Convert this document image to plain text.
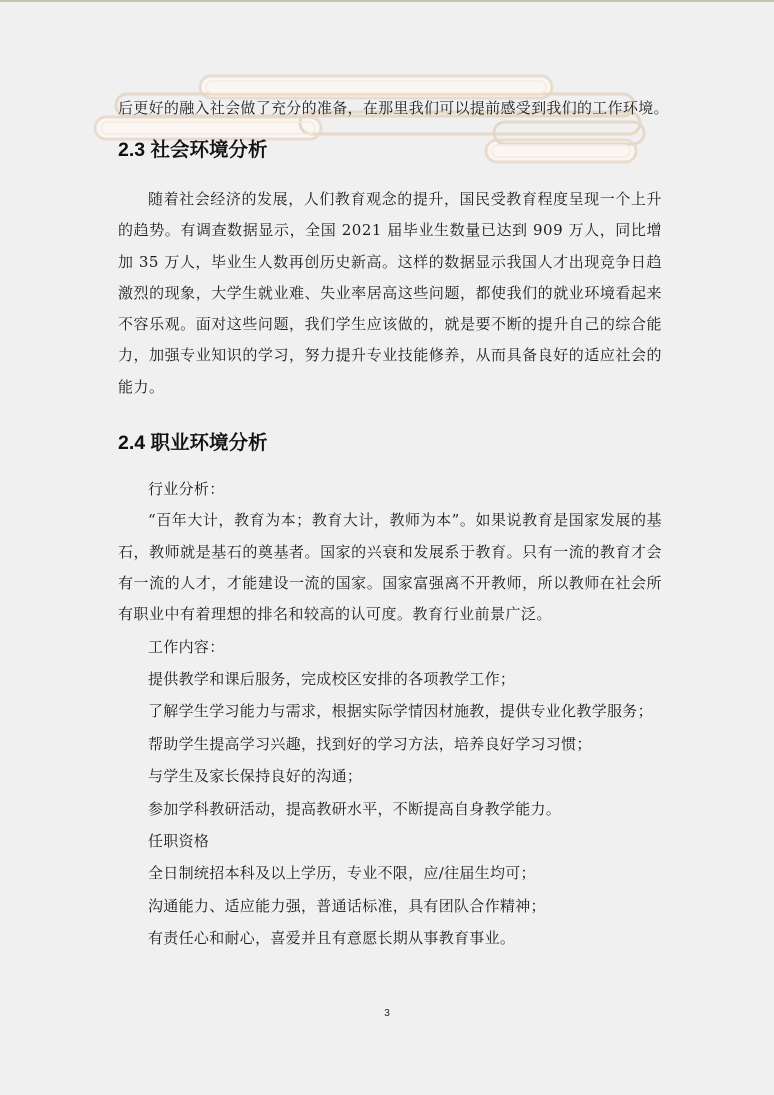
后更好的融入社会做了充分的准备，在那里我们可以提前感受到我们的工作环境。

2.3 社会环境分析

随着社会经济的发展，人们教育观念的提升，国民受教育程度呈现一个上升的趋势。有调查数据显示，全国 2021 届毕业生数量已达到 909 万人，同比增加 35 万人，毕业生人数再创历史新高。这样的数据显示我国人才出现竞争日趋激烈的现象，大学生就业难、失业率居高这些问题，都使我们的就业环境看起来不容乐观。面对这些问题，我们学生应该做的，就是要不断的提升自己的综合能力，加强专业知识的学习，努力提升专业技能修养，从而具备良好的适应社会的能力。

2.4 职业环境分析

行业分析：

“百年大计，教育为本；教育大计，教师为本”。如果说教育是国家发展的基石，教师就是基石的奠基者。国家的兴衰和发展系于教育。只有一流的教育才会有一流的人才，才能建设一流的国家。国家富强离不开教师，所以教师在社会所有职业中有着理想的排名和较高的认可度。教育行业前景广泛。

工作内容：

提供教学和课后服务，完成校区安排的各项教学工作；

了解学生学习能力与需求，根据实际学情因材施教，提供专业化教学服务；

帮助学生提高学习兴趣，找到好的学习方法，培养良好学习习惯；

与学生及家长保持良好的沟通；

参加学科教研活动，提高教研水平，不断提高自身教学能力。

任职资格

全日制统招本科及以上学历，专业不限，应/往届生均可；

沟通能力、适应能力强，普通话标准，具有团队合作精神；

有责任心和耐心，喜爱并且有意愿长期从事教育事业。

3
